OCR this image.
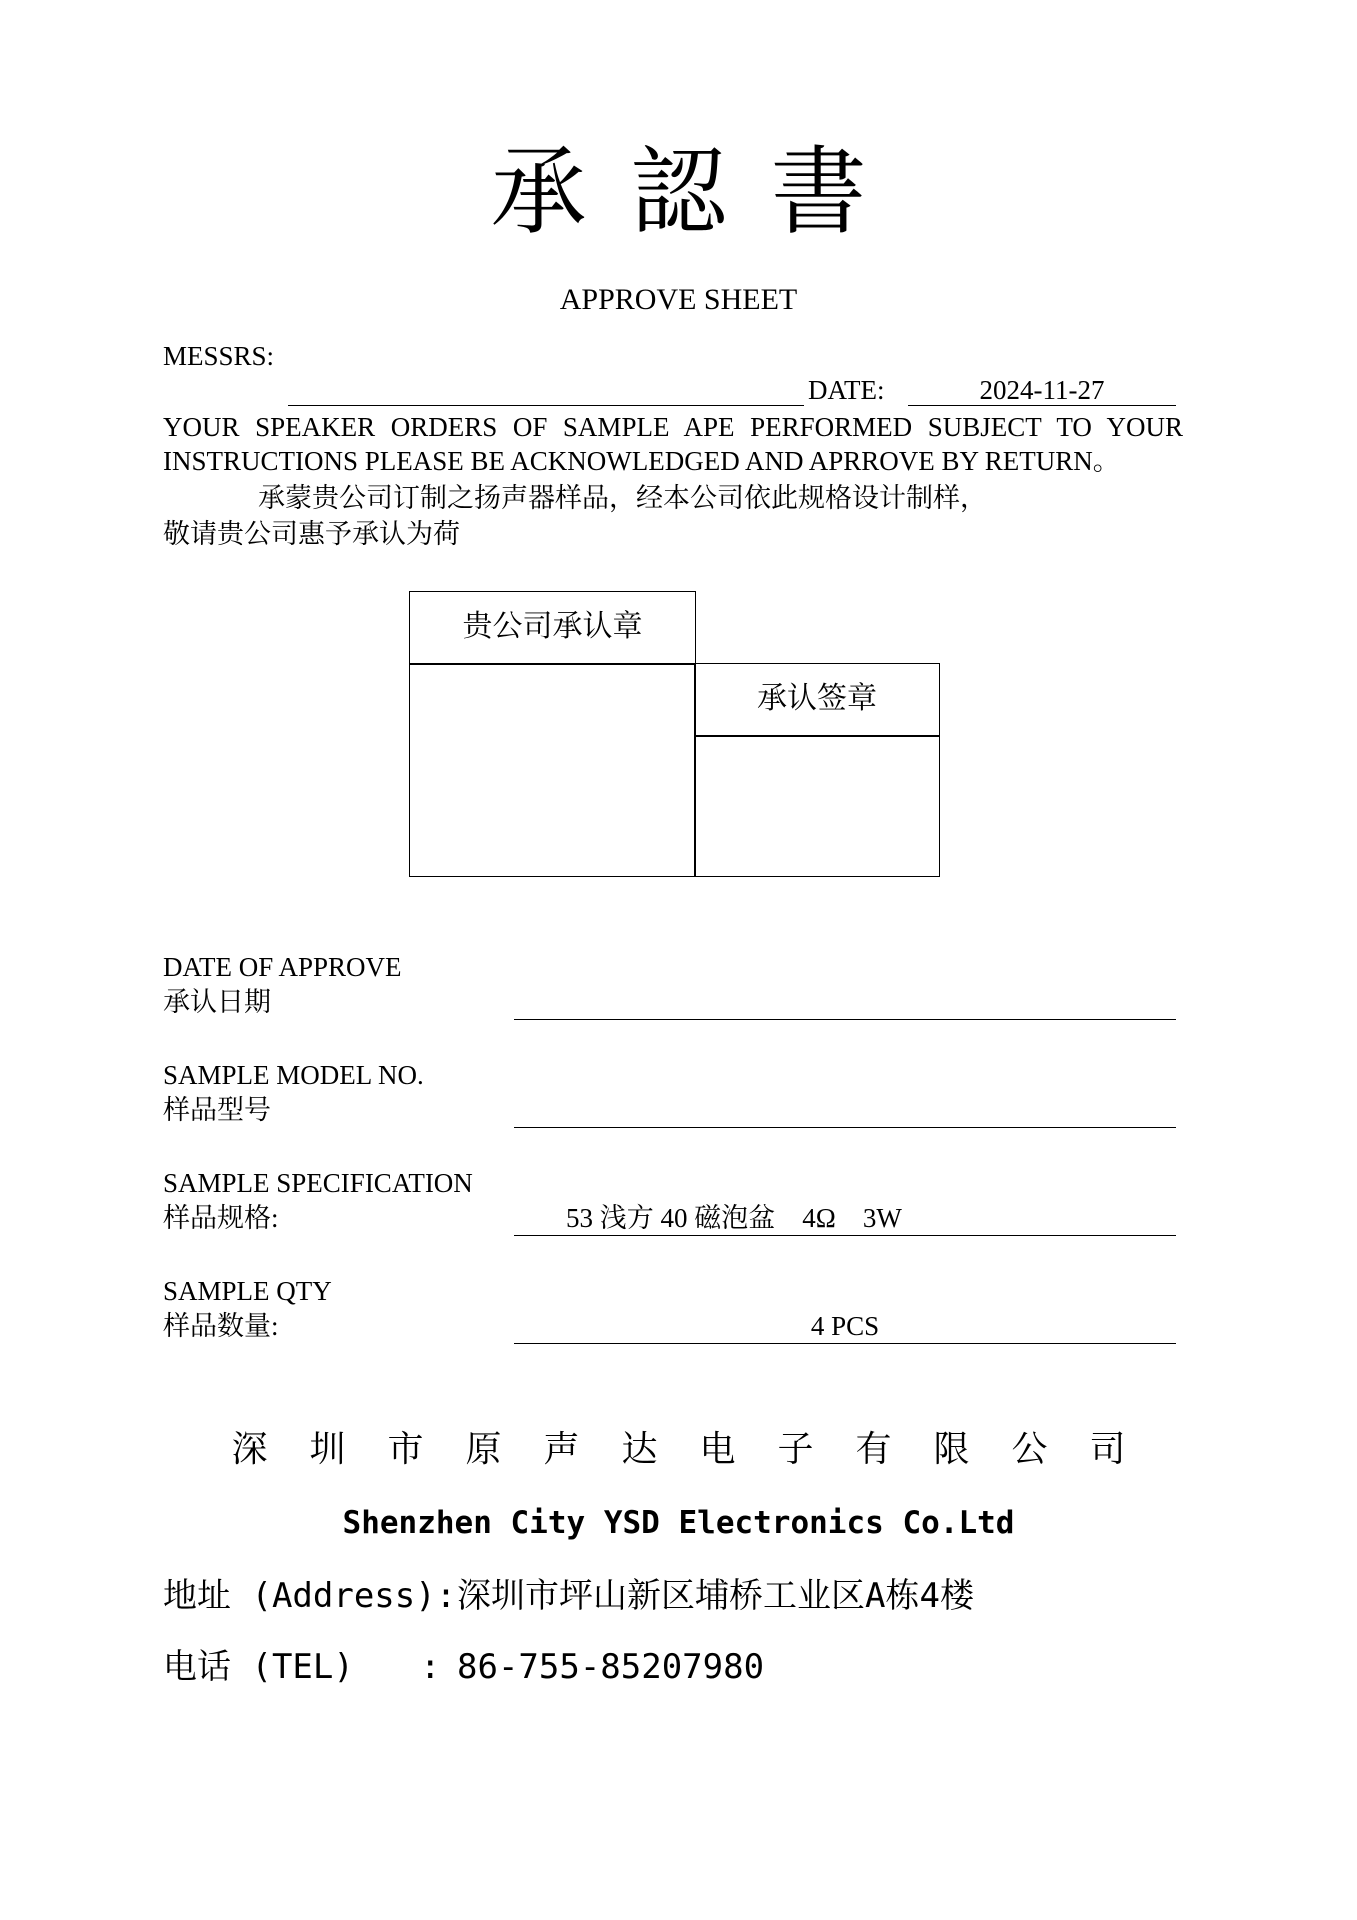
承認書
APPROVE SHEET
MESSRS:
DATE:	2024-11-27
YOUR SPEAKER ORDERS OF SAMPLE APE PERFORMED SUBJECT TO YOUR
INSTRUCTIONS PLEASE BE ACKNOWLEDGED AND APRROVE BY RETURN。
承蒙贵公司订制之扬声器样品，经本公司依此规格设计制样，
敬请贵公司惠予承认为荷
贵公司承认章
承认签章
DATE OF APPROVE
承认日期
SAMPLE MODEL NO.
样品型号
SAMPLE SPECIFICATION
样品规格:	53 浅方 40 磁泡盆　4Ω　3W
SAMPLE QTY
样品数量:	4 PCS
深圳市原声达电子有限公司
Shenzhen City YSD Electronics Co.Ltd
地址 (Address): 深圳市坪山新区埔桥工业区A栋4楼
电话 (TEL) : 86-755-85207980
